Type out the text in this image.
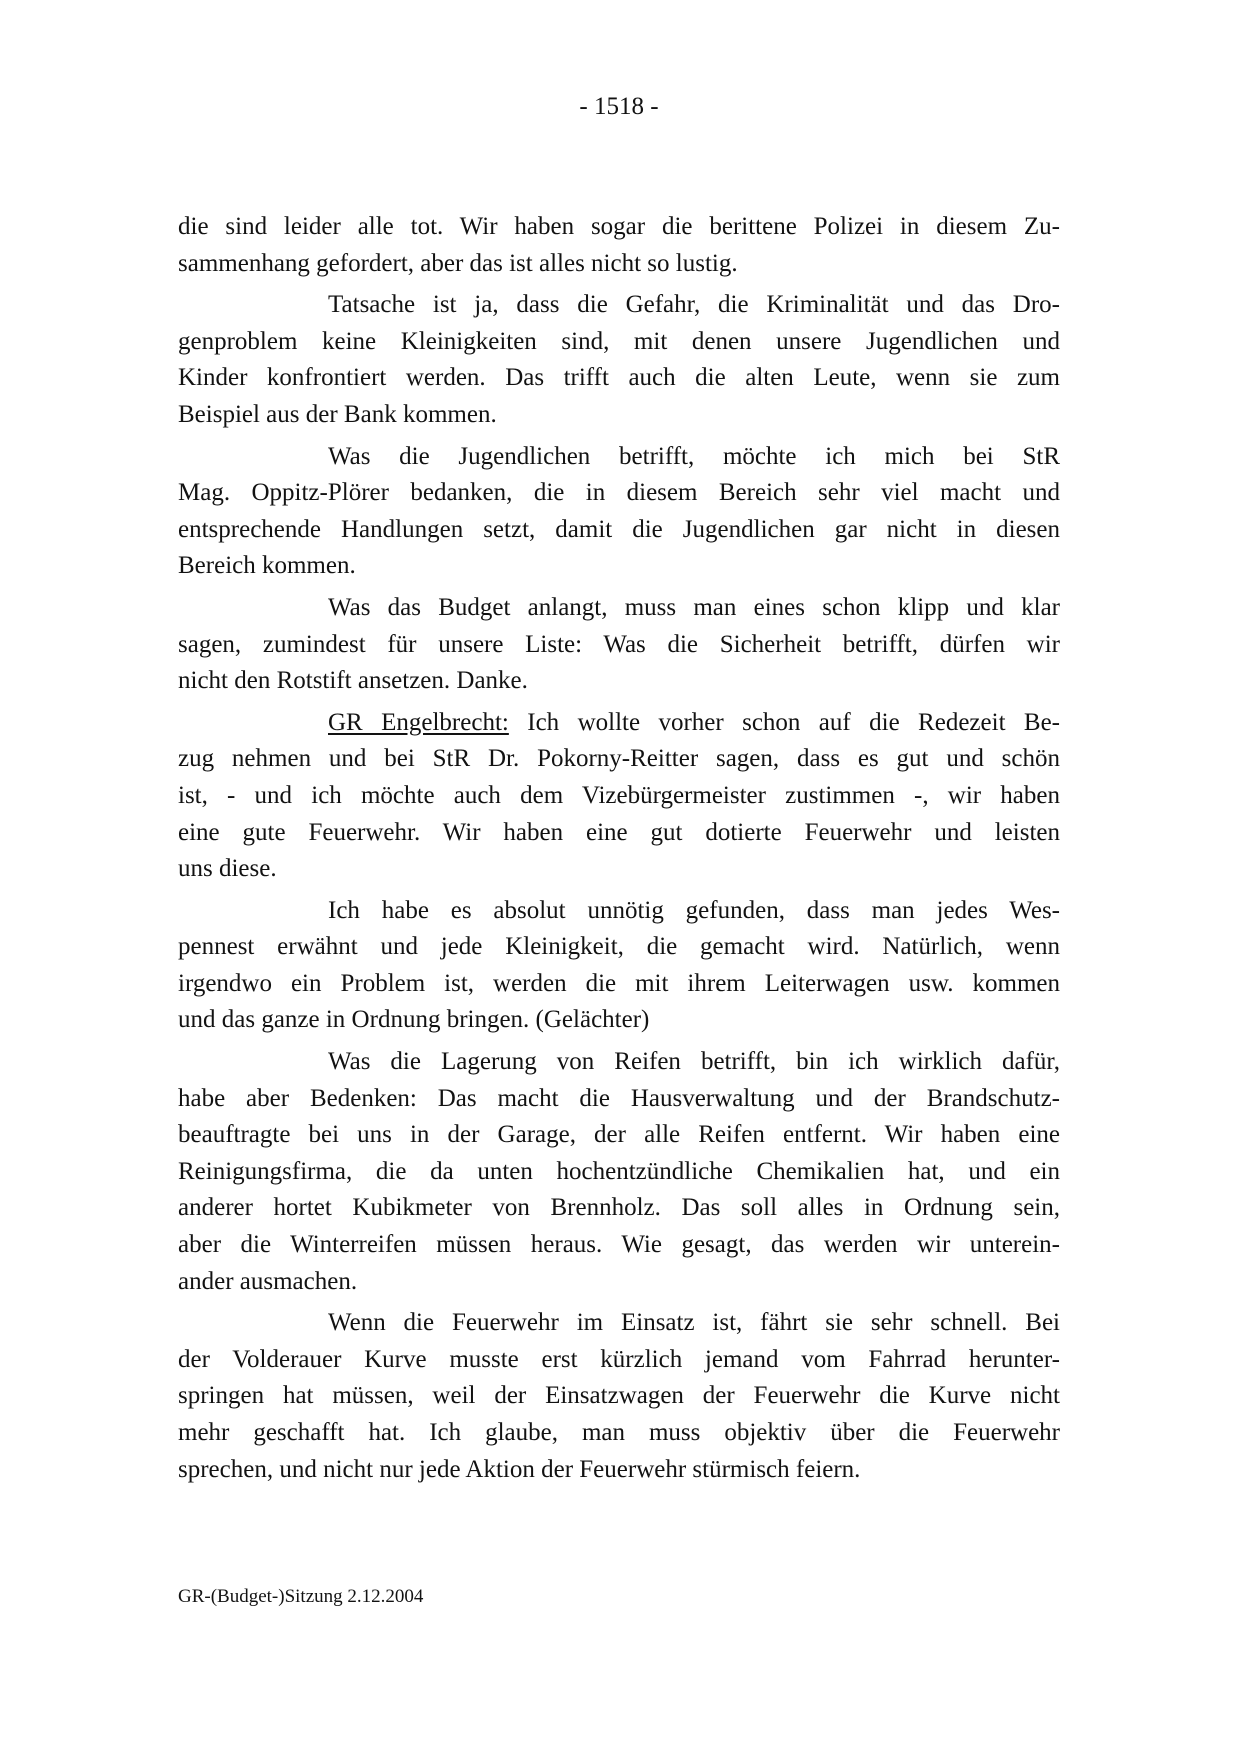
- 1518 -
die sind leider alle tot. Wir haben sogar die berittene Polizei in diesem Zu-
sammenhang gefordert, aber das ist alles nicht so lustig.
Tatsache ist ja, dass die Gefahr, die Kriminalität und das Dro-
genproblem keine Kleinigkeiten sind, mit denen unsere Jugendlichen und
Kinder konfrontiert werden. Das trifft auch die alten Leute, wenn sie zum
Beispiel aus der Bank kommen.
Was die Jugendlichen betrifft, möchte ich mich bei StR
Mag. Oppitz-Plörer bedanken, die in diesem Bereich sehr viel macht und
entsprechende Handlungen setzt, damit die Jugendlichen gar nicht in diesen
Bereich kommen.
Was das Budget anlangt, muss man eines schon klipp und klar
sagen, zumindest für unsere Liste: Was die Sicherheit betrifft, dürfen wir
nicht den Rotstift ansetzen. Danke.
GR Engelbrecht: Ich wollte vorher schon auf die Redezeit Be-
zug nehmen und bei StR Dr. Pokorny-Reitter sagen, dass es gut und schön
ist, - und ich möchte auch dem Vizebürgermeister zustimmen -, wir haben
eine gute Feuerwehr. Wir haben eine gut dotierte Feuerwehr und leisten
uns diese.
Ich habe es absolut unnötig gefunden, dass man jedes Wes-
pennest erwähnt und jede Kleinigkeit, die gemacht wird. Natürlich, wenn
irgendwo ein Problem ist, werden die mit ihrem Leiterwagen usw. kommen
und das ganze in Ordnung bringen. (Gelächter)
Was die Lagerung von Reifen betrifft, bin ich wirklich dafür,
habe aber Bedenken: Das macht die Hausverwaltung und der Brandschutz-
beauftragte bei uns in der Garage, der alle Reifen entfernt. Wir haben eine
Reinigungsfirma, die da unten hochentzündliche Chemikalien hat, und ein
anderer hortet Kubikmeter von Brennholz. Das soll alles in Ordnung sein,
aber die Winterreifen müssen heraus. Wie gesagt, das werden wir unterein-
ander ausmachen.
Wenn die Feuerwehr im Einsatz ist, fährt sie sehr schnell. Bei
der Volderauer Kurve musste erst kürzlich jemand vom Fahrrad herunter-
springen hat müssen, weil der Einsatzwagen der Feuerwehr die Kurve nicht
mehr geschafft hat. Ich glaube, man muss objektiv über die Feuerwehr
sprechen, und nicht nur jede Aktion der Feuerwehr stürmisch feiern.
GR-(Budget-)Sitzung 2.12.2004
